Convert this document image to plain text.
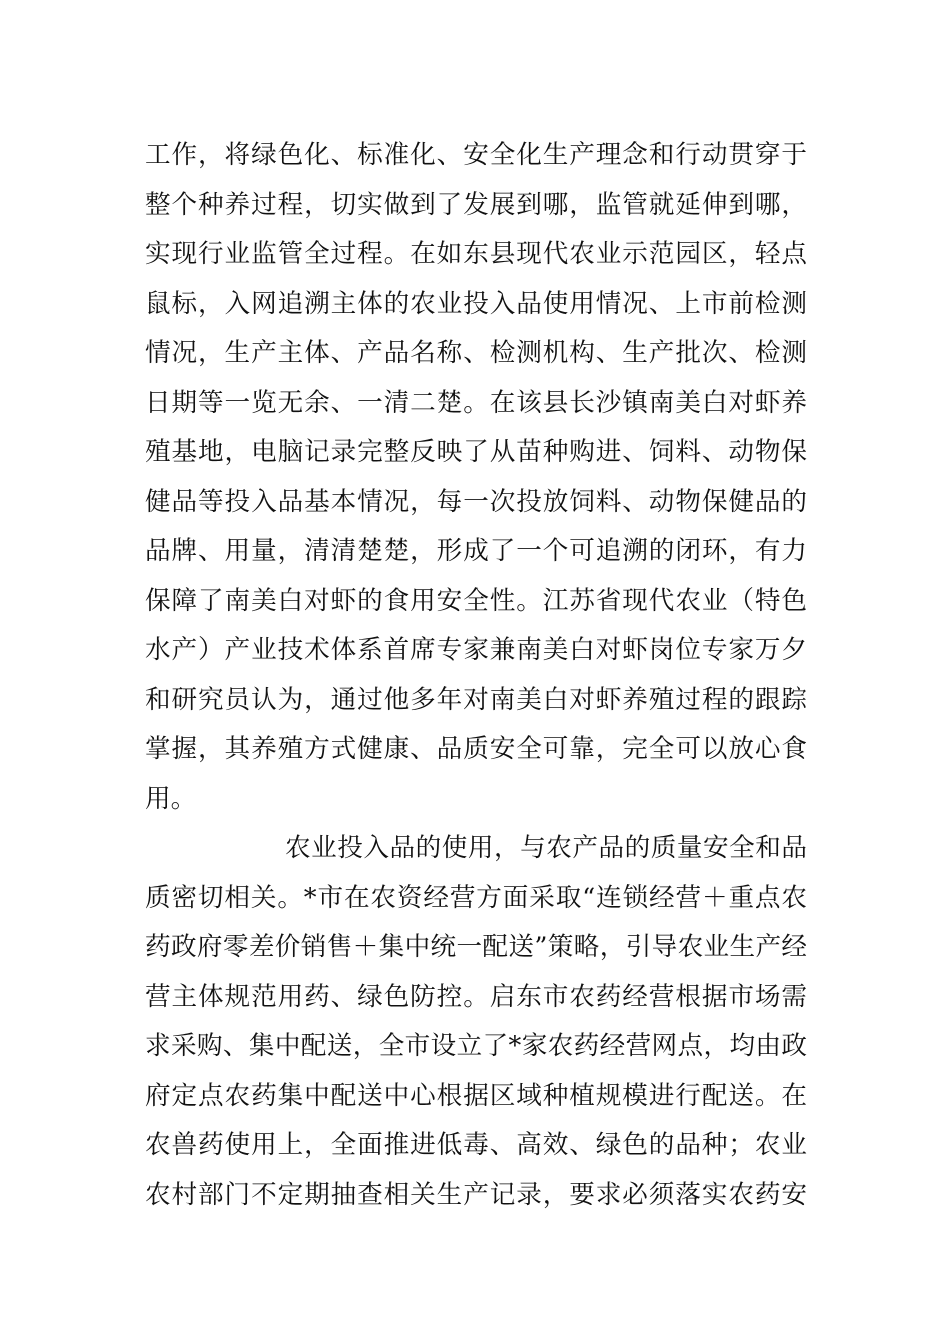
工作，将绿色化、标准化、安全化生产理念和行动贯穿于
整个种养过程，切实做到了发展到哪，监管就延伸到哪，
实现行业监管全过程。在如东县现代农业示范园区，轻点
鼠标，入网追溯主体的农业投入品使用情况、上市前检测
情况，生产主体、产品名称、检测机构、生产批次、检测
日期等一览无余、一清二楚。在该县长沙镇南美白对虾养
殖基地，电脑记录完整反映了从苗种购进、饲料、动物保
健品等投入品基本情况，每一次投放饲料、动物保健品的
品牌、用量，清清楚楚，形成了一个可追溯的闭环，有力
保障了南美白对虾的食用安全性。江苏省现代农业（特色
水产）产业技术体系首席专家兼南美白对虾岗位专家万夕
和研究员认为，通过他多年对南美白对虾养殖过程的跟踪
掌握，其养殖方式健康、品质安全可靠，完全可以放心食
用。
农业投入品的使用，与农产品的质量安全和品
质密切相关。*市在农资经营方面采取“连锁经营＋重点农
药政府零差价销售＋集中统一配送”策略，引导农业生产经
营主体规范用药、绿色防控。启东市农药经营根据市场需
求采购、集中配送，全市设立了*家农药经营网点，均由政
府定点农药集中配送中心根据区域种植规模进行配送。在
农兽药使用上，全面推进低毒、高效、绿色的品种；农业
农村部门不定期抽查相关生产记录，要求必须落实农药安
